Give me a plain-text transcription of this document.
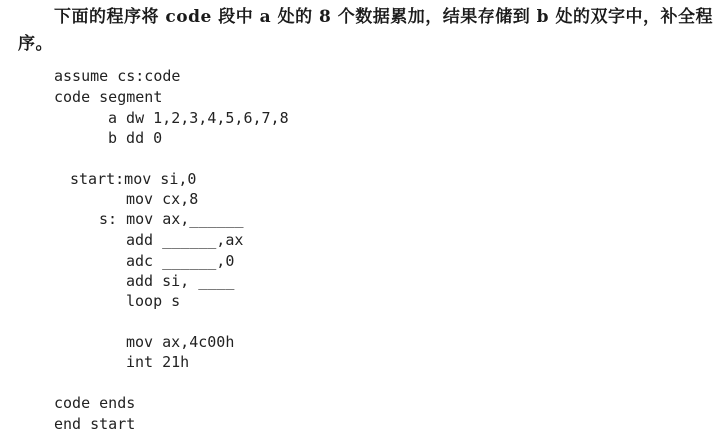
下面的程序将 code 段中 a 处的 8 个数据累加，结果存储到 b 处的双字中，补全程序。
assume cs:code
code segment
a dw 1,2,3,4,5,6,7,8
b dd 0
start:mov si,0
mov cx,8
s: mov ax,______
add ______,ax
adc ______,0
add si, ____
loop s
mov ax,4c00h
int 21h
code ends
end start
